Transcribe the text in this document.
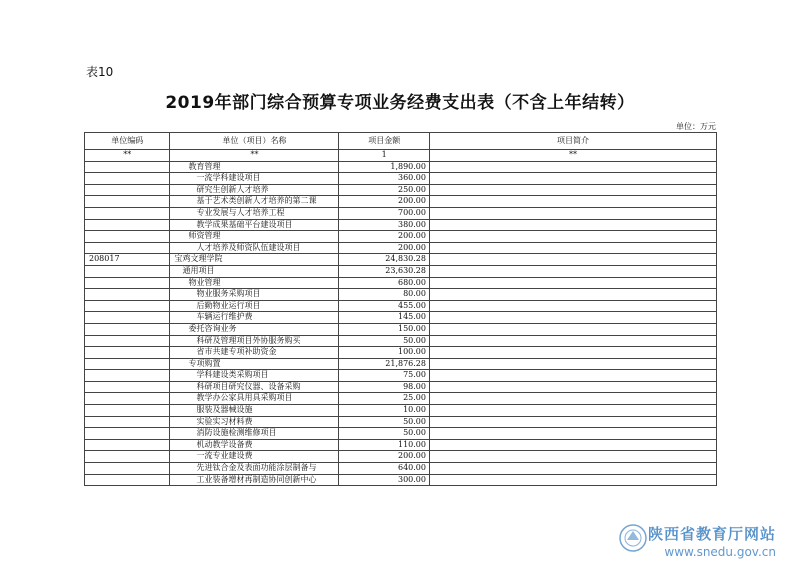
表10
2019年部门综合预算专项业务经费支出表（不含上年结转）
单位：万元
单位编码	单位（项目）名称	项目金额	项目简介
**	**	1	**
	教育管理	1,890.00	
	一流学科建设项目	360.00	
	研究生创新人才培养	250.00	
	基于艺术类创新人才培养的第二课	200.00	
	专业发展与人才培养工程	700.00	
	教学成果基础平台建设项目	380.00	
	师资管理	200.00	
	人才培养及师资队伍建设项目	200.00	
208017	宝鸡文理学院	24,830.28	
	通用项目	23,630.28	
	物业管理	680.00	
	物业服务采购项目	80.00	
	后勤物业运行项目	455.00	
	车辆运行维护费	145.00	
	委托咨询业务	150.00	
	科研及管理项目外协服务购买	50.00	
	省市共建专项补助资金	100.00	
	专项购置	21,876.28	
	学科建设类采购项目	75.00	
	科研项目研究仪器、设备采购	98.00	
	教学办公家具用具采购项目	25.00	
	服装及器械设施	10.00	
	实验实习材料费	50.00	
	消防设施检测维修项目	50.00	
	机动教学设备费	110.00	
	一流专业建设费	200.00	
	先进钛合金及表面功能涂层制备与	640.00	
	工业装备增材再制造协同创新中心	300.00	
陕西省教育厅网站
www.snedu.gov.cn
